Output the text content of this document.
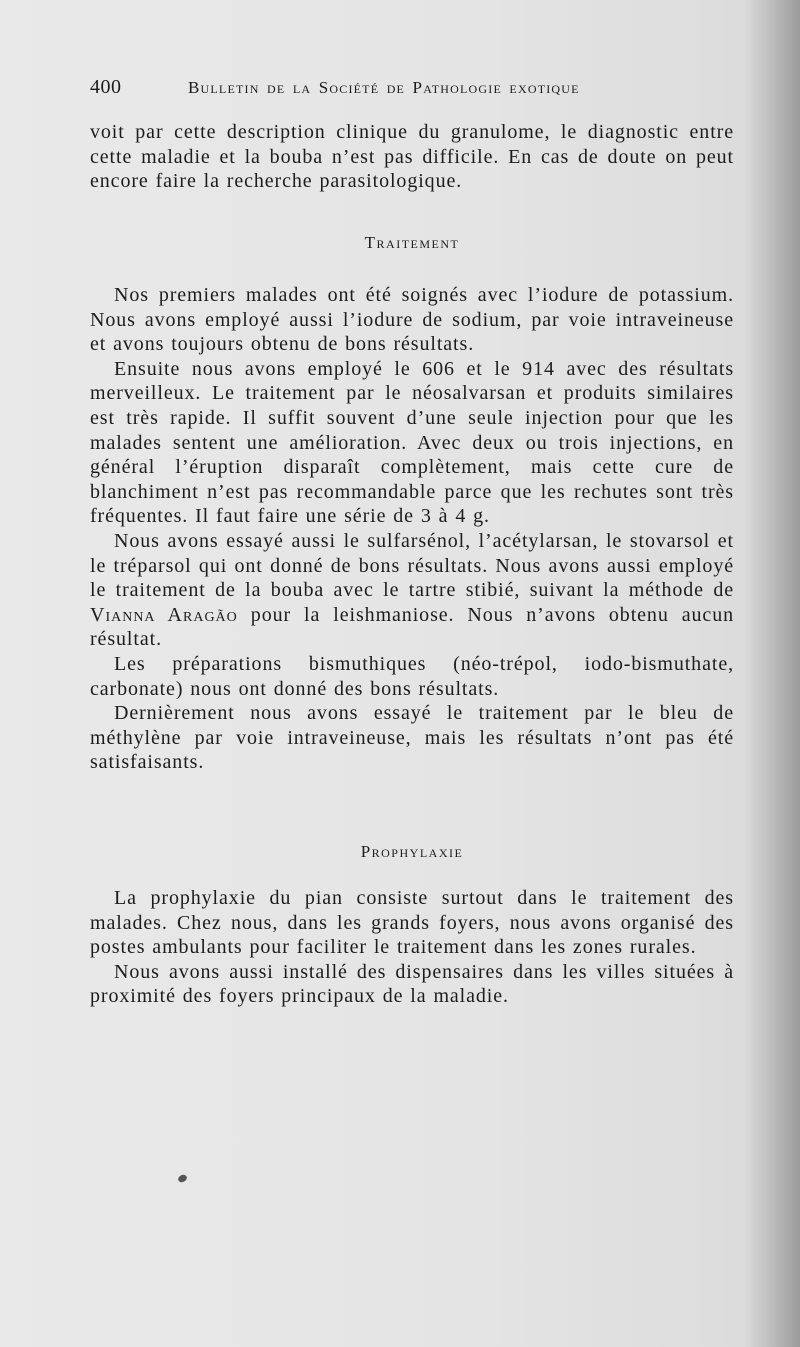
400	Bulletin de la Société de Pathologie exotique

voit par cette description clinique du granulome, le diagnostic entre cette maladie et la bouba n’est pas difficile. En cas de doute on peut encore faire la recherche parasitologique.

Traitement

Nos premiers malades ont été soignés avec l’iodure de potassium. Nous avons employé aussi l’iodure de sodium, par voie intraveineuse et avons toujours obtenu de bons résultats.

Ensuite nous avons employé le 606 et le 914 avec des résultats merveilleux. Le traitement par le néosalvarsan et produits similaires est très rapide. Il suffit souvent d’une seule injection pour que les malades sentent une amélioration. Avec deux ou trois injections, en général l’éruption disparaît complètement, mais cette cure de blanchiment n’est pas recommandable parce que les rechutes sont très fréquentes. Il faut faire une série de 3 à 4 g.

Nous avons essayé aussi le sulfarsénol, l’acétylarsan, le stovarsol et le tréparsol qui ont donné de bons résultats. Nous avons aussi employé le traitement de la bouba avec le tartre stibié, suivant la méthode de Vianna Aragão pour la leishmaniose. Nous n’avons obtenu aucun résultat.

Les préparations bismuthiques (néo-trépol, iodo-bismuthate, carbonate) nous ont donné des bons résultats.

Dernièrement nous avons essayé le traitement par le bleu de méthylène par voie intraveineuse, mais les résultats n’ont pas été satisfaisants.

Prophylaxie

La prophylaxie du pian consiste surtout dans le traitement des malades. Chez nous, dans les grands foyers, nous avons organisé des postes ambulants pour faciliter le traitement dans les zones rurales.

Nous avons aussi installé des dispensaires dans les villes situées à proximité des foyers principaux de la maladie.
